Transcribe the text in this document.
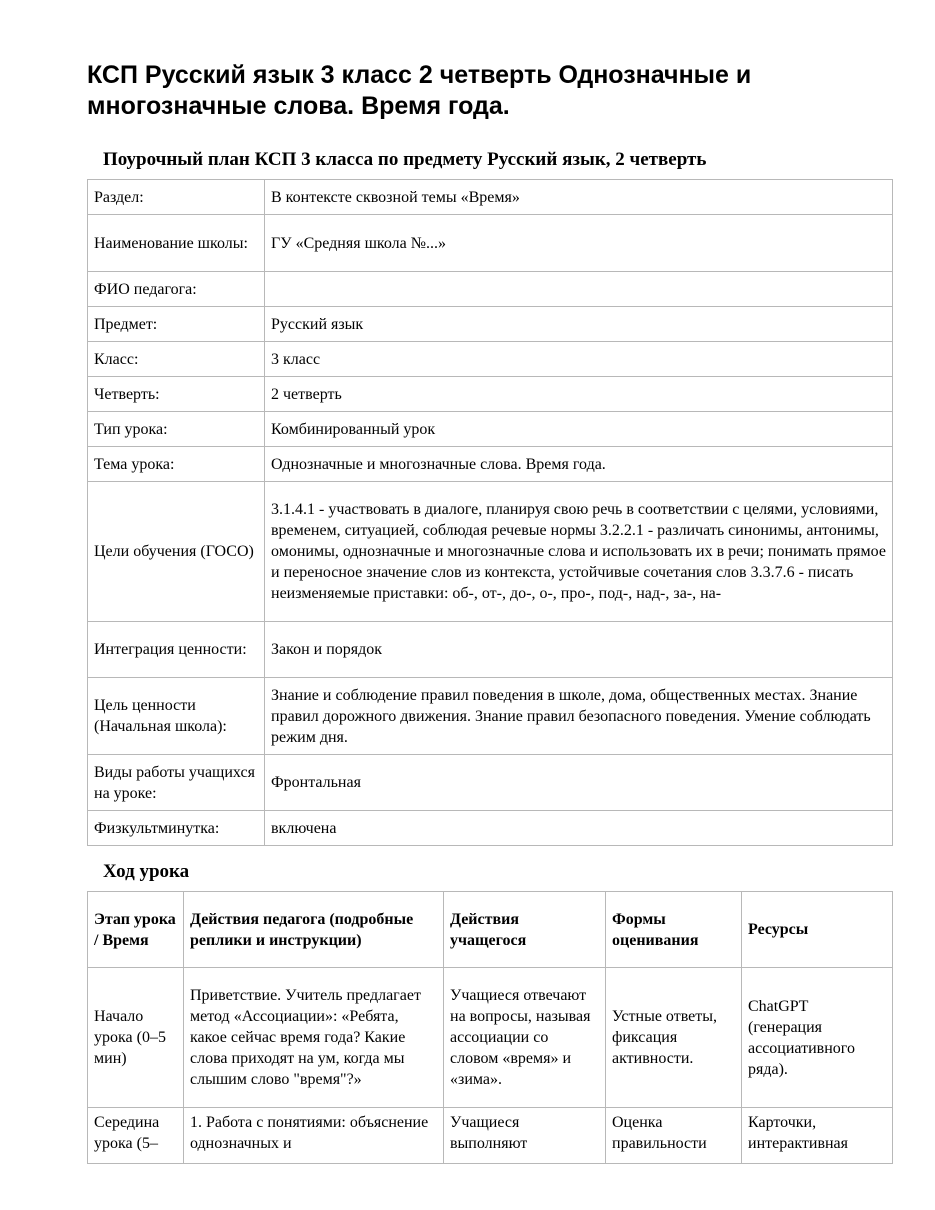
КСП Русский язык 3 класс 2 четверть Однозначные и многозначные слова. Время года.
Поурочный план КСП 3 класса по предмету Русский язык, 2 четверть
Раздел:	В контексте сквозной темы «Время»
Наименование школы:	ГУ «Средняя школа №...»
ФИО педагога:	
Предмет:	Русский язык
Класс:	3 класс
Четверть:	2 четверть
Тип урока:	Комбинированный урок
Тема урока:	Однозначные и многозначные слова. Время года.
Цели обучения (ГОСО)	3.1.4.1 - участвовать в диалоге, планируя свою речь в соответствии с целями, условиями, временем, ситуацией, соблюдая речевые нормы 3.2.2.1 - различать синонимы, антонимы, омонимы, однозначные и многозначные слова и использовать их в речи; понимать прямое и переносное значение слов из контекста, устойчивые сочетания слов 3.3.7.6 - писать неизменяемые приставки: об-, от-, до-, о-, про-, под-, над-, за-, на-
Интеграция ценности:	Закон и порядок
Цель ценности (Начальная школа):	Знание и соблюдение правил поведения в школе, дома, общественных местах. Знание правил дорожного движения. Знание правил безопасного поведения. Умение соблюдать режим дня.
Виды работы учащихся на уроке:	Фронтальная
Физкультминутка:	включена
Ход урока
Этап урока / Время	Действия педагога (подробные реплики и инструкции)	Действия учащегося	Формы оценивания	Ресурсы
Начало урока (0–5 мин)	Приветствие. Учитель предлагает метод «Ассоциации»: «Ребята, какое сейчас время года? Какие слова приходят на ум, когда мы слышим слово "время"?»	Учащиеся отвечают на вопросы, называя ассоциации со словом «время» и «зима».	Устные ответы, фиксация активности.	ChatGPT (генерация ассоциативного ряда).
Середина урока (5–	1. Работа с понятиями: объяснение однозначных и	Учащиеся выполняют	Оценка правильности	Карточки, интерактивная
